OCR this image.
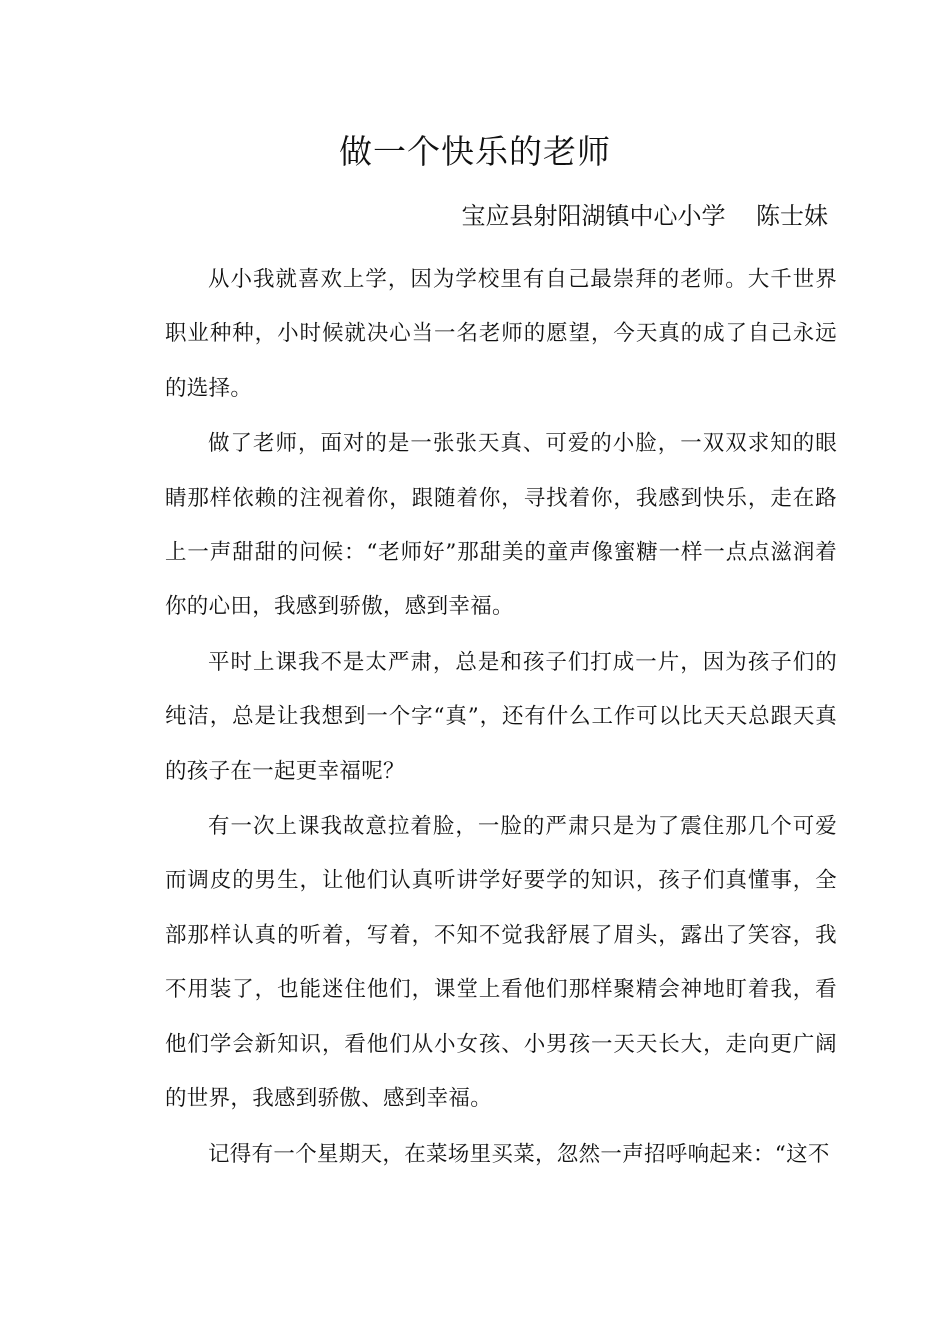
做一个快乐的老师
宝应县射阳湖镇中心小学    陈士妹

从小我就喜欢上学，因为学校里有自己最崇拜的老师。大千世界职业种种，小时候就决心当一名老师的愿望，今天真的成了自己永远的选择。

做了老师，面对的是一张张天真、可爱的小脸，一双双求知的眼睛那样依赖的注视着你，跟随着你，寻找着你，我感到快乐，走在路上一声甜甜的问候：“老师好”那甜美的童声像蜜糖一样一点点滋润着你的心田，我感到骄傲，感到幸福。

平时上课我不是太严肃，总是和孩子们打成一片，因为孩子们的纯洁，总是让我想到一个字“真”，还有什么工作可以比天天总跟天真的孩子在一起更幸福呢？

有一次上课我故意拉着脸，一脸的严肃只是为了震住那几个可爱而调皮的男生，让他们认真听讲学好要学的知识，孩子们真懂事，全部那样认真的听着，写着，不知不觉我舒展了眉头，露出了笑容，我不用装了，也能迷住他们，课堂上看他们那样聚精会神地盯着我，看他们学会新知识，看他们从小女孩、小男孩一天天长大，走向更广阔的世界，我感到骄傲、感到幸福。

记得有一个星期天，在菜场里买菜，忽然一声招呼响起来：“这不
